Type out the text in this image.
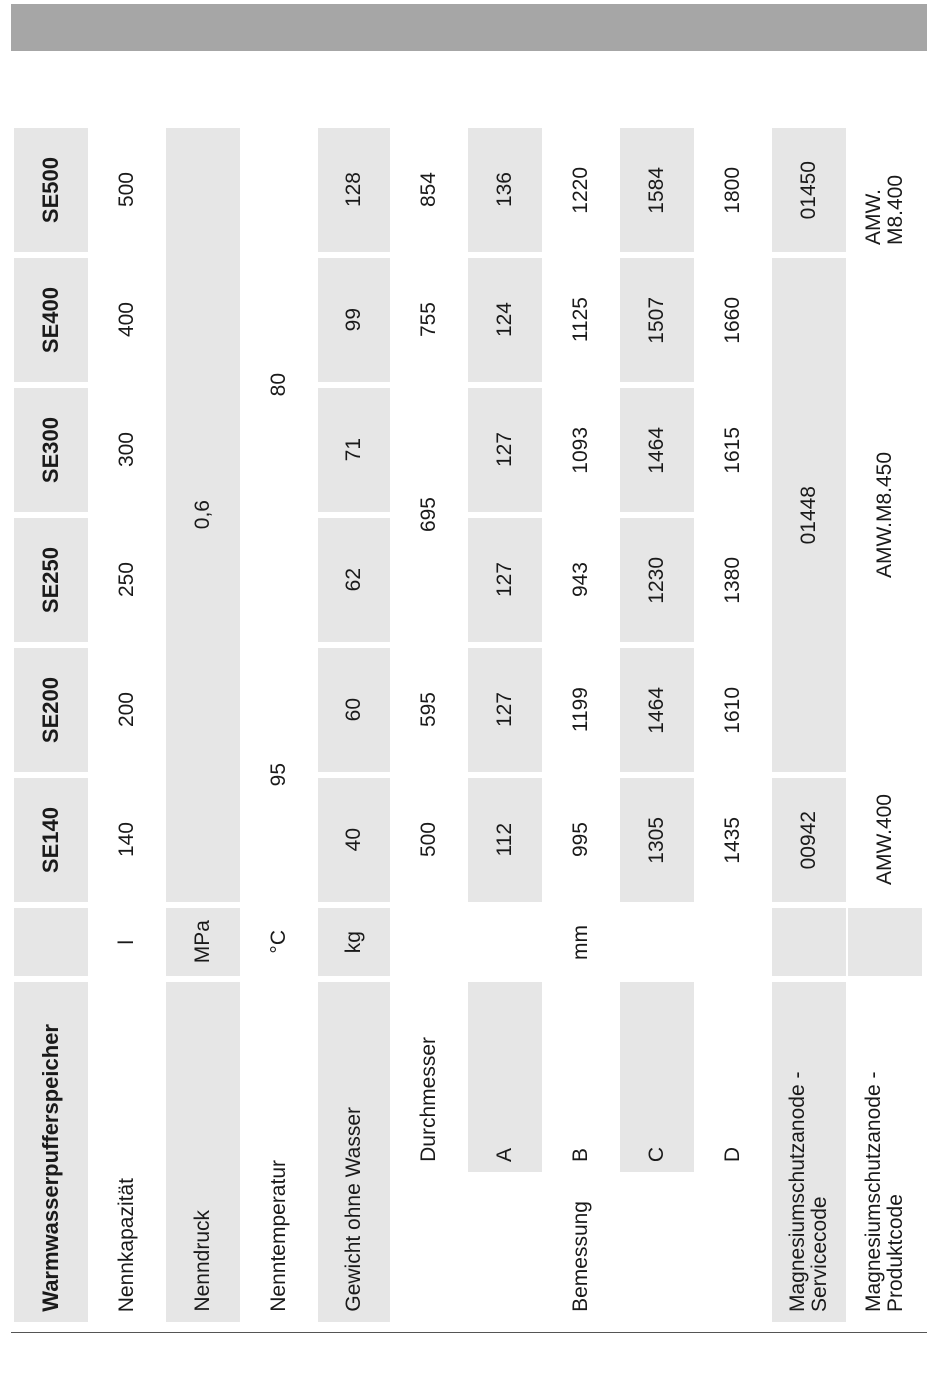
Warmwasserpufferspeicher
SE140
SE200
SE250
SE300
SE400
SE500
Nennkapazität
l
140
200
250
300
400
500
Nenndruck
MPa
0,6
Nenntemperatur
°C
95
80
Gewicht ohne Wasser
kg
40
60
62
71
99
128
Bemessung
mm
Durchmesser
500
595
695
755
854
A
112
127
127
127
124
136
B
995
1199
943
1093
1125
1220
C
1305
1464
1230
1464
1507
1584
D
1435
1610
1380
1615
1660
1800
Magnesiumschutzanode - Servicecode
00942
01448
01450
Magnesiumschutzanode - Produktcode
AMW.400
AMW.M8.450
AMW. M8.400
